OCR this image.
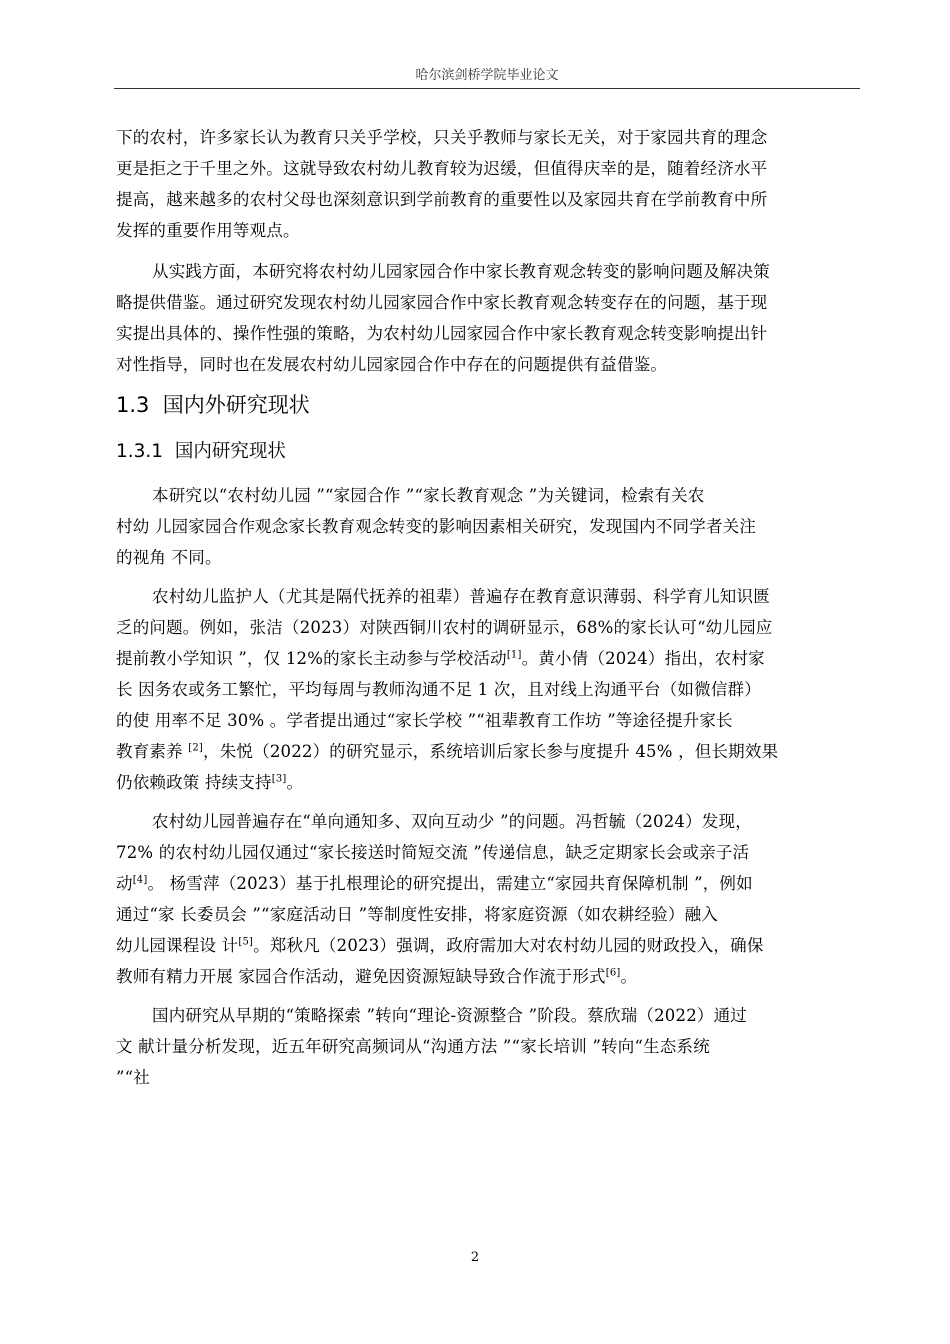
哈尔滨剑桥学院毕业论文
下的农村，许多家长认为教育只关乎学校，只关乎教师与家长无关，对于家园共育的理念
更是拒之于千里之外。这就导致农村幼儿教育较为迟缓，但值得庆幸的是，随着经济水平
提高，越来越多的农村父母也深刻意识到学前教育的重要性以及家园共育在学前教育中所
发挥的重要作用等观点。
从实践方面，本研究将农村幼儿园家园合作中家长教育观念转变的影响问题及解决策
略提供借鉴。通过研究发现农村幼儿园家园合作中家长教育观念转变存在的问题，基于现
实提出具体的、操作性强的策略，为农村幼儿园家园合作中家长教育观念转变影响提出针
对性指导，同时也在发展农村幼儿园家园合作中存在的问题提供有益借鉴。
1.3 国内外研究现状
1.3.1 国内研究现状
本研究以“农村幼儿园 ”“家园合作 ”“家长教育观念 ”为关键词，检索有关农
村幼 儿园家园合作观念家长教育观念转变的影响因素相关研究，发现国内不同学者关注
的视角 不同。
农村幼儿监护人（尤其是隔代抚养的祖辈）普遍存在教育意识薄弱、科学育儿知识匮
乏的问题。例如，张洁（2023）对陕西铜川农村的调研显示，68%的家长认可“幼儿园应
提前教小学知识 ”，仅 12%的家长主动参与学校活动[1]。黄小倩（2024）指出，农村家
长 因务农或务工繁忙，平均每周与教师沟通不足 1 次，且对线上沟通平台（如微信群）
的使 用率不足 30% 。学者提出通过“家长学校 ”“祖辈教育工作坊 ”等途径提升家长
教育素养 [2]，朱悦（2022）的研究显示，系统培训后家长参与度提升 45% ，但长期效果
仍依赖政策 持续支持[3]。
农村幼儿园普遍存在“单向通知多、双向互动少 ”的问题。冯哲毓（2024）发现，
72% 的农村幼儿园仅通过“家长接送时简短交流 ”传递信息，缺乏定期家长会或亲子活
动[4]。 杨雪萍（2023）基于扎根理论的研究提出，需建立“家园共育保障机制 ”，例如
通过“家 长委员会 ”“家庭活动日 ”等制度性安排，将家庭资源（如农耕经验）融入
幼儿园课程设 计[5]。郑秋凡（2023）强调，政府需加大对农村幼儿园的财政投入，确保
教师有精力开展 家园合作活动，避免因资源短缺导致合作流于形式[6]。
国内研究从早期的“策略探索 ”转向“理论-资源整合 ”阶段。蔡欣瑞（2022）通过
文 献计量分析发现，近五年研究高频词从“沟通方法 ”“家长培训 ”转向“生态系统
”“社
2
